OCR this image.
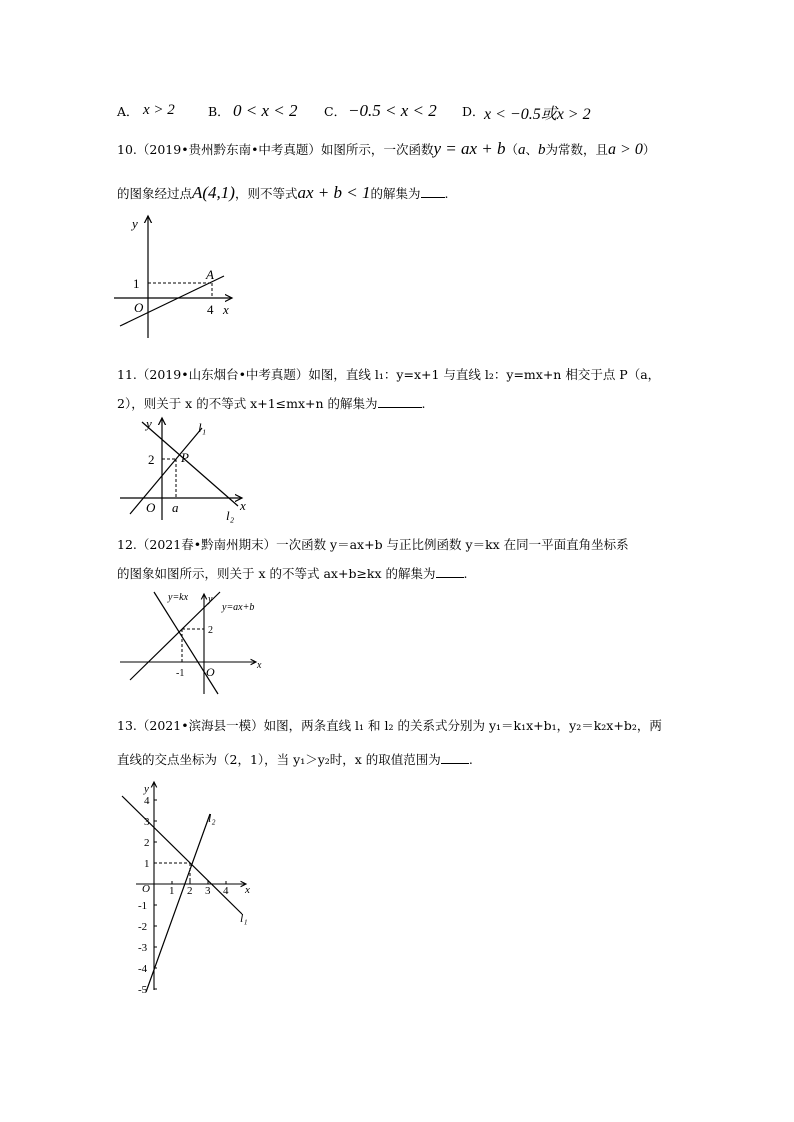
A． x > 2	B． 0 < x < 2 C． −0.5 < x < 2 D． x < −0.5或x > 2
10.（2019•贵州黔东南•中考真题）如图所示，一次函数y = ax + b（a、b为常数，且a > 0）
的图象经过点A(4,1)，则不等式ax + b < 1的解集为 .
y
x
1
O	4
A
11.（2019•山东烟台•中考真题）如图，直线 l₁：y=x+1 与直线 l₂：y=mx+n 相交于点 P（a，
2），则关于 x 的不等式 x+1≤mx+n 的解集为	.
y	l₁
2 P
O a	x
l₂
12.（2021春•黔南州期末）一次函数 y＝ax+b 与正比例函数 y＝kx 在同一平面直角坐标系
的图象如图所示，则关于 x 的不等式 ax+b≥kx 的解集为 .
y=kx y
y=ax+b
2
-1 O	x
13.（2021•滨海县一模）如图，两条直线 l₁ 和 l₂ 的关系式分别为 y₁＝k₁x+b₁，y₂＝k₂x+b₂，两
直线的交点坐标为（2，1），当 y₁＞y₂时，x 的取值范围为 .
y
x
O
l₂
l₁
4
3
2
1
-1
-2
-3
-4
-5
1 2 3 4
